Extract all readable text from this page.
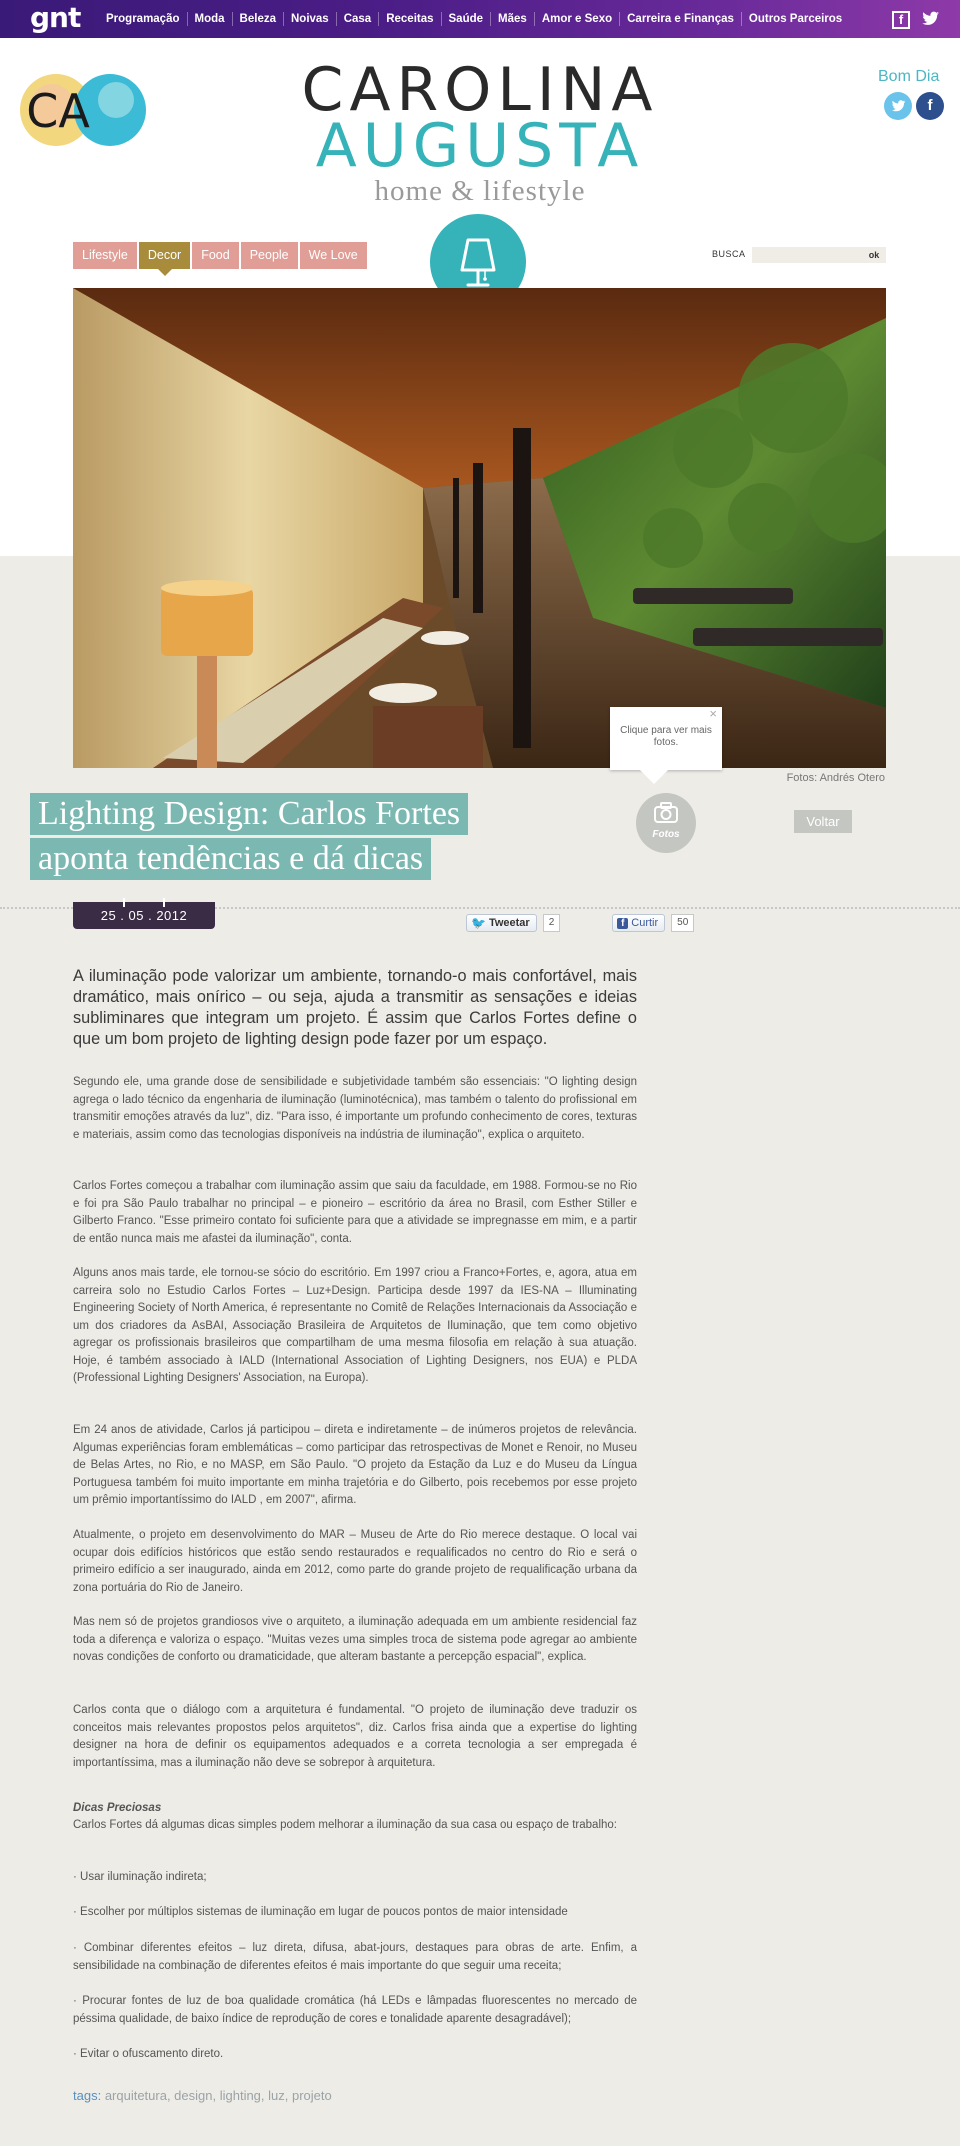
gnt Programação	Moda	Beleza	Noivas	Casa	Receitas	Saúde	Mães	Amor e Sexo	Carreira e Finanças	Outros Parceiros	f
CA	CAROLINA
AUGUSTA
home & lifestyle
Bom Dia
f
Lifestyle	Decor	Food	People	We Love	BUSCA	ok
×
Clique para ver mais fotos.
Fotos: Andrés Otero
Fotos
Voltar
Lighting Design: Carlos Fortes
aponta tendências e dá dicas
25 . 05 . 2012	🐦 Tweetar	2	f Curtir	50
A iluminação pode valorizar um ambiente, tornando-o mais confortável, mais dramático, mais onírico – ou seja, ajuda a transmitir as sensações e ideias subliminares que integram um projeto. É assim que Carlos Fortes define o que um bom projeto de lighting design pode fazer por um espaço.
Segundo ele, uma grande dose de sensibilidade e subjetividade também são essenciais: "O lighting design agrega o lado técnico da engenharia de iluminação (luminotécnica), mas também o talento do profissional em transmitir emoções através da luz", diz. "Para isso, é importante um profundo conhecimento de cores, texturas e materiais, assim como das tecnologias disponíveis na indústria de iluminação", explica o arquiteto.
Carlos Fortes começou a trabalhar com iluminação assim que saiu da faculdade, em 1988. Formou-se no Rio e foi pra São Paulo trabalhar no principal – e pioneiro – escritório da área no Brasil, com Esther Stiller e Gilberto Franco. "Esse primeiro contato foi suficiente para que a atividade se impregnasse em mim, e a partir de então nunca mais me afastei da iluminação", conta.
Alguns anos mais tarde, ele tornou-se sócio do escritório. Em 1997 criou a Franco+Fortes, e, agora, atua em carreira solo no Estudio Carlos Fortes – Luz+Design. Participa desde 1997 da IES-NA – Illuminating Engineering Society of North America, é representante no Comitê de Relações Internacionais da Associação e um dos criadores da AsBAI, Associação Brasileira de Arquitetos de Iluminação, que tem como objetivo agregar os profissionais brasileiros que compartilham de uma mesma filosofia em relação à sua atuação. Hoje, é também associado à IALD (International Association of Lighting Designers, nos EUA) e PLDA (Professional Lighting Designers' Association, na Europa).
Em 24 anos de atividade, Carlos já participou – direta e indiretamente – de inúmeros projetos de relevância. Algumas experiências foram emblemáticas – como participar das retrospectivas de Monet e Renoir, no Museu de Belas Artes, no Rio, e no MASP, em São Paulo. "O projeto da Estação da Luz e do Museu da Língua Portuguesa também foi muito importante em minha trajetória e do Gilberto, pois recebemos por esse projeto um prêmio importantíssimo do IALD , em 2007", afirma.
Atualmente, o projeto em desenvolvimento do MAR – Museu de Arte do Rio merece destaque. O local vai ocupar dois edifícios históricos que estão sendo restaurados e requalificados no centro do Rio e será o primeiro edifício a ser inaugurado, ainda em 2012, como parte do grande projeto de requalificação urbana da zona portuária do Rio de Janeiro.
Mas nem só de projetos grandiosos vive o arquiteto, a iluminação adequada em um ambiente residencial faz toda a diferença e valoriza o espaço. "Muitas vezes uma simples troca de sistema pode agregar ao ambiente novas condições de conforto ou dramaticidade, que alteram bastante a percepção espacial", explica.
Carlos conta que o diálogo com a arquitetura é fundamental. "O projeto de iluminação deve traduzir os conceitos mais relevantes propostos pelos arquitetos", diz. Carlos frisa ainda que a expertise do lighting designer na hora de definir os equipamentos adequados e a correta tecnologia a ser empregada é importantíssima, mas a iluminação não deve se sobrepor à arquitetura.
Dicas Preciosas
Carlos Fortes dá algumas dicas simples podem melhorar a iluminação da sua casa ou espaço de trabalho:
· Usar iluminação indireta;
· Escolher por múltiplos sistemas de iluminação em lugar de poucos pontos de maior intensidade
· Combinar diferentes efeitos – luz direta, difusa, abat-jours, destaques para obras de arte. Enfim, a sensibilidade na combinação de diferentes efeitos é mais importante do que seguir uma receita;
· Procurar fontes de luz de boa qualidade cromática (há LEDs e lâmpadas fluorescentes no mercado de péssima qualidade, de baixo índice de reprodução de cores e tonalidade aparente desagradável);
· Evitar o ofuscamento direto.
tags: arquitetura, design, lighting, luz, projeto
